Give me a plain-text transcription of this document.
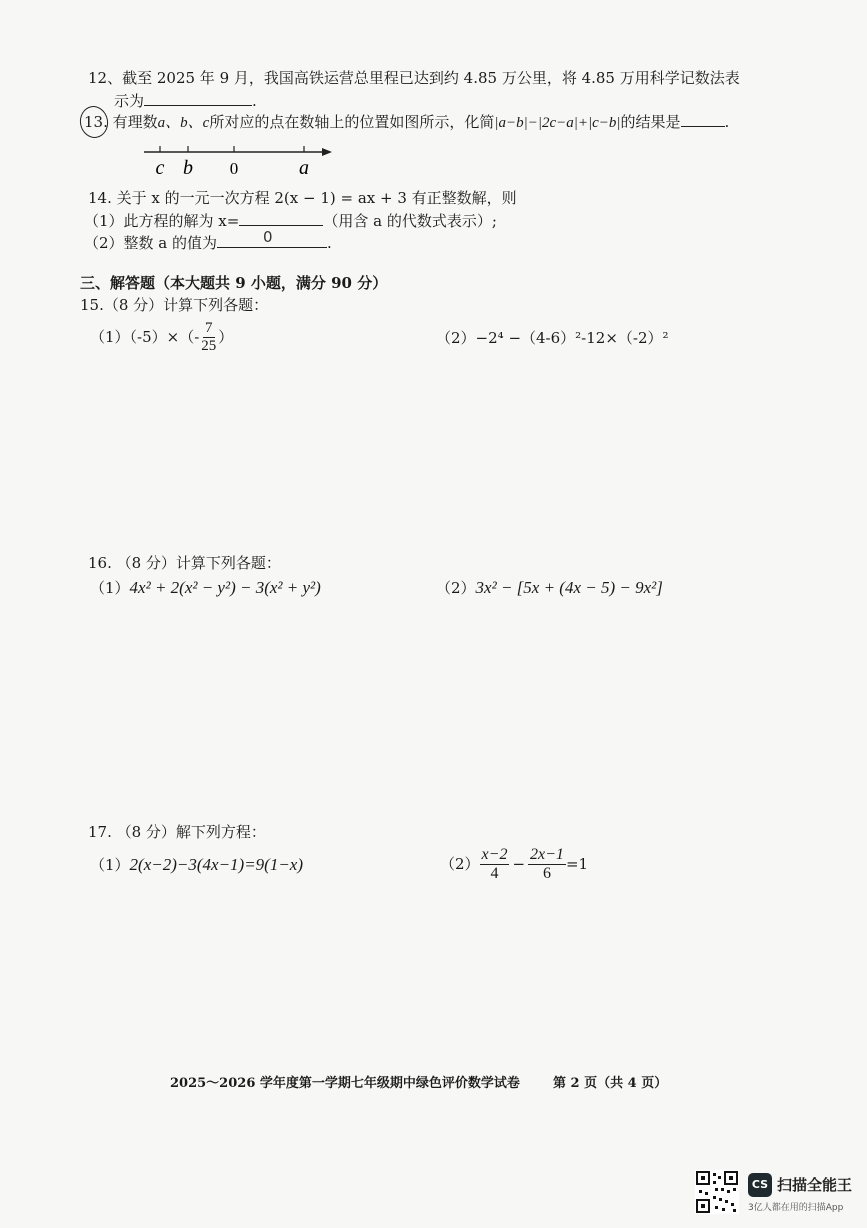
12、截至 2025 年 9 月，我国高铁运营总里程已达到约 4.85 万公里，将 4.85 万用科学记数法表
示为	.
13. 有理数a、b、c所对应的点在数轴上的位置如图所示，化简|a−b|−|2c−a|+|c−b|的结果是	.
c b 0	a
14. 关于 x 的一元一次方程 2(x − 1) = ax + 3 有正整数解，则
（1）此方程的解为 x=	（用含 a 的代数式表示）;
（2）整数 a 的值为	0	.
三、解答题（本大题共 9 小题，满分 90 分）
15.（8 分）计算下列各题：
$(1)(-5)\times(- \frac{7}{25}$ ）	（2）−2⁴ −（4-6）²-12×（-2）²
16. （8 分）计算下列各题：
（1）4x² + 2(x² − y²) − 3(x² + y²)	（2）3x² − [5x + (4x − 5) − 9x²]
17. （8 分）解下列方程：
（1）2(x−2)−3(4x−1)=9(1−x)	$(2) \frac{x-2}{4} - \frac{2x-1}{6} =1$
2025～2026 学年度第一学期七年级期中绿色评价数学试卷	第 2 页（共 4 页）
CS 扫描全能王
3亿人都在用的扫描App
